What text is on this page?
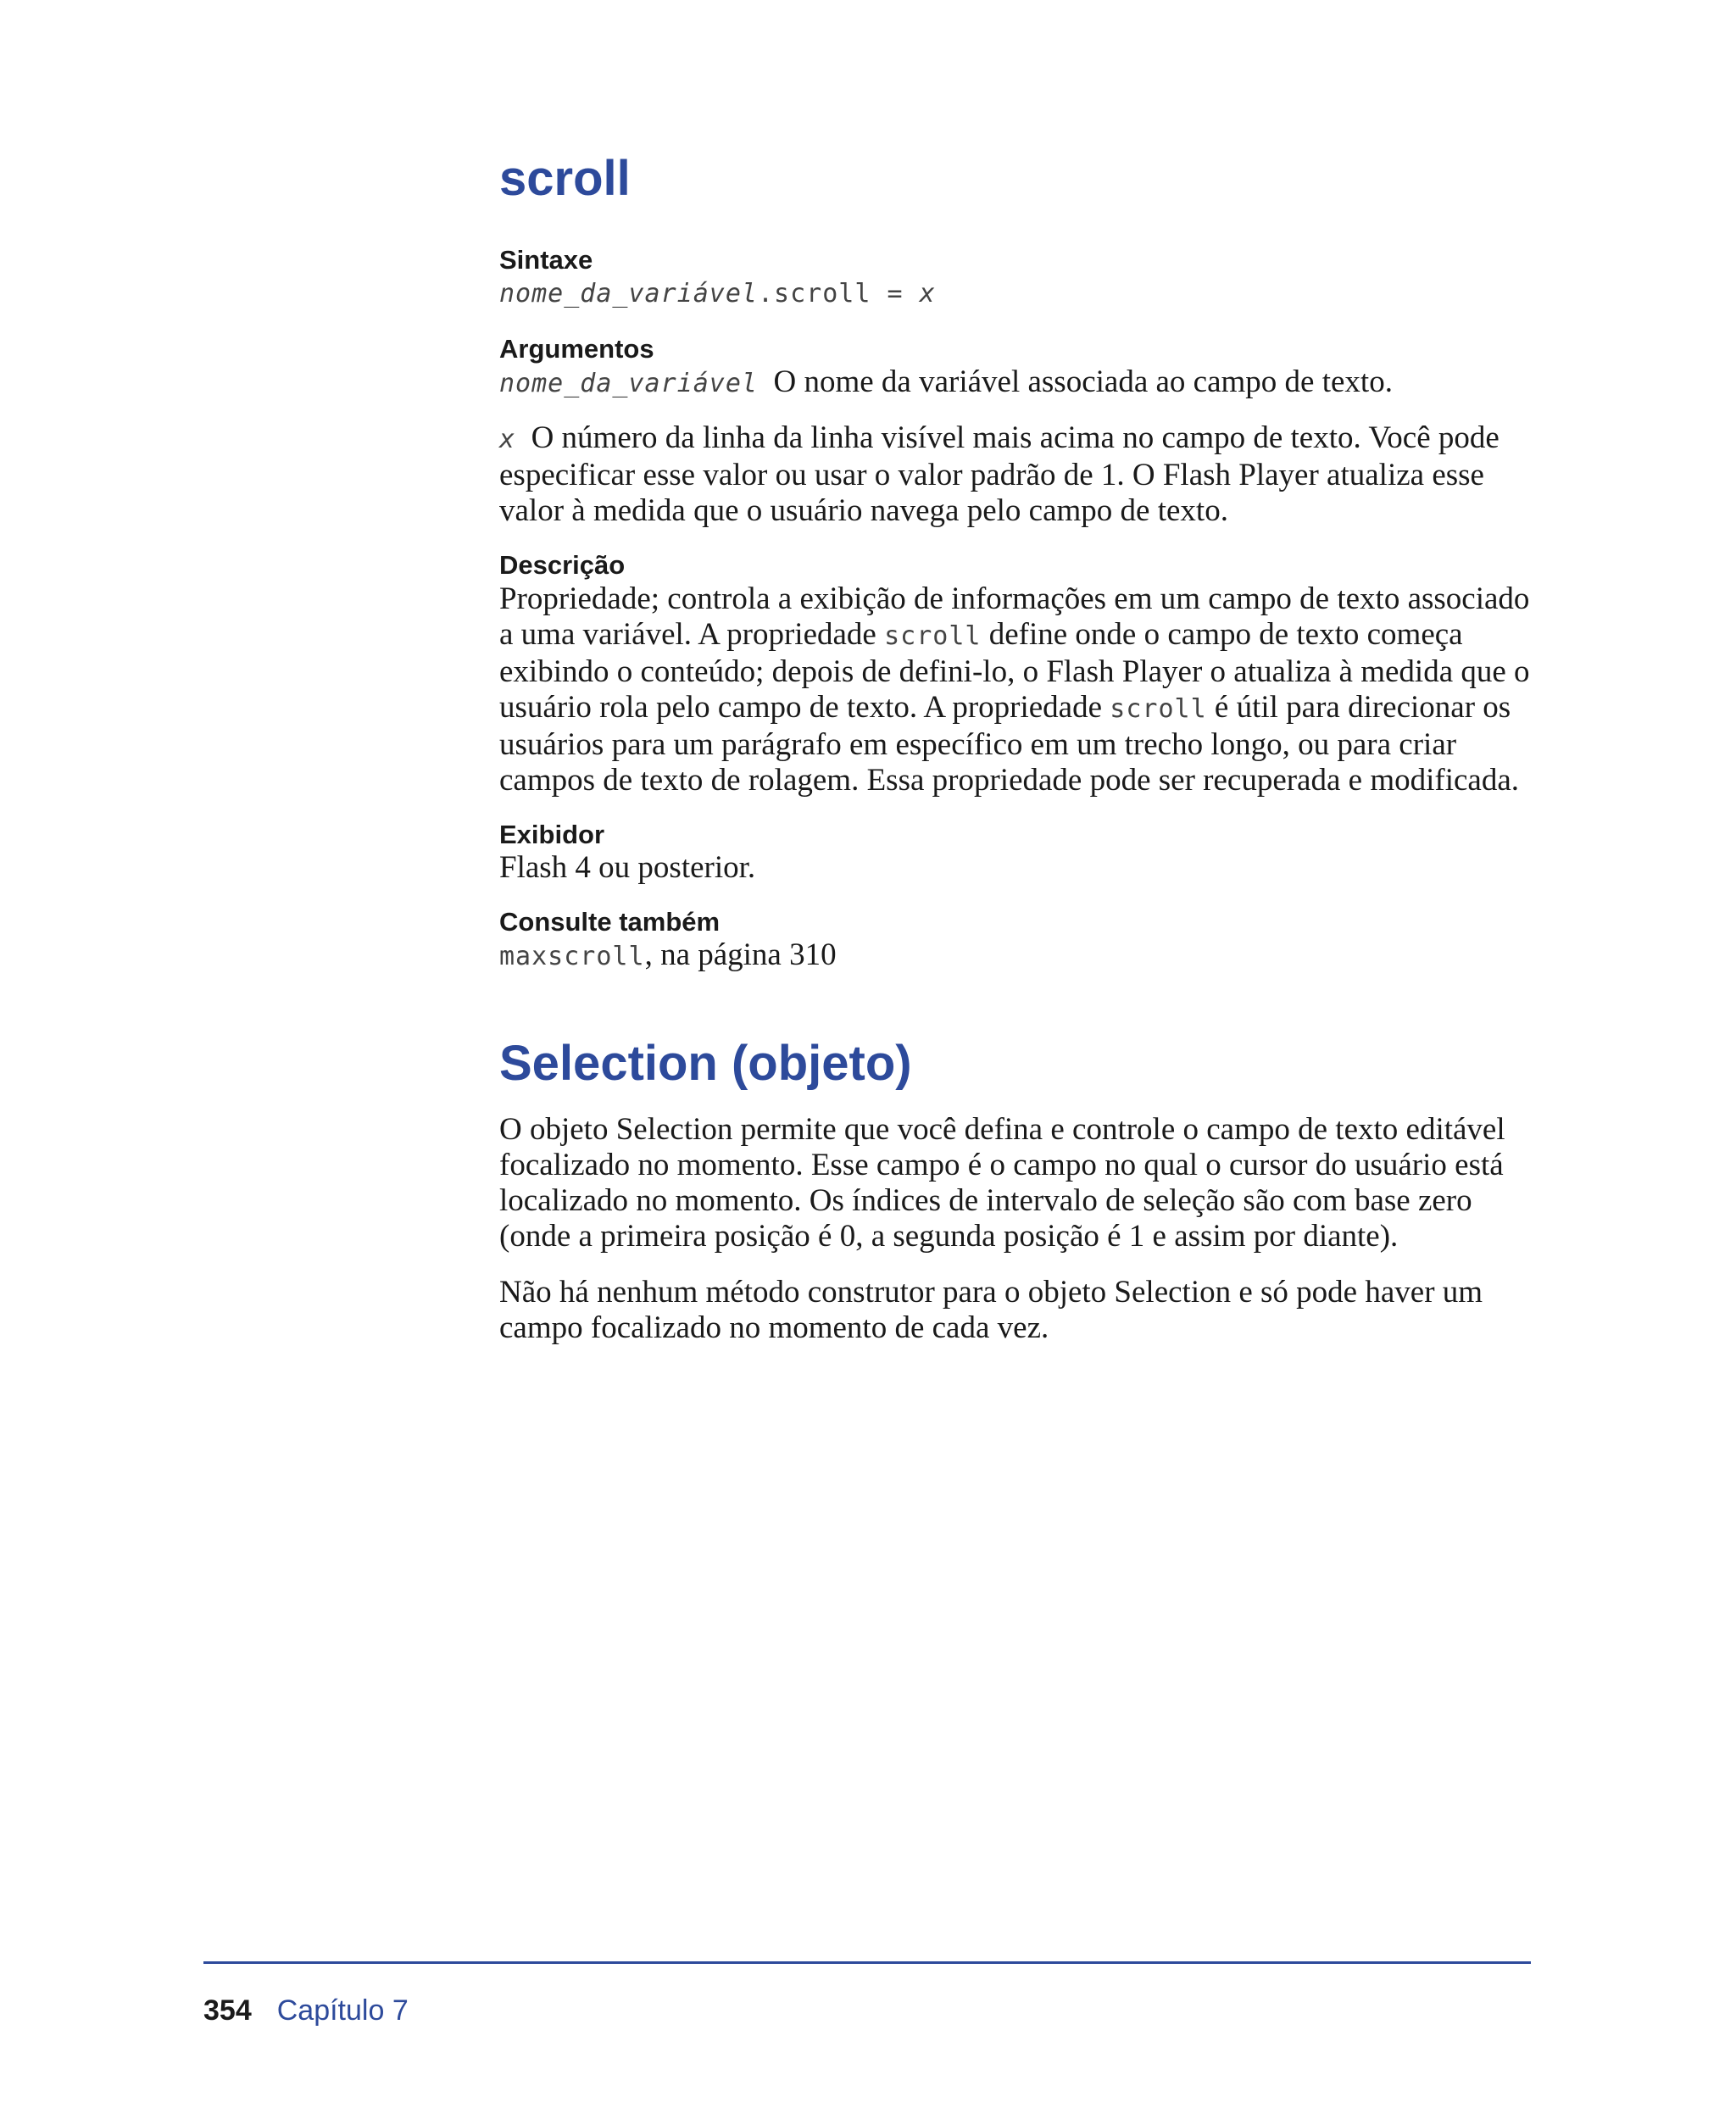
scroll
Sintaxe
nome_da_variável.scroll = x
Argumentos

nome_da_variável O nome da variável associada ao campo de texto.

x O número da linha da linha visível mais acima no campo de texto. Você pode especificar esse valor ou usar o valor padrão de 1. O Flash Player atualiza esse valor à medida que o usuário navega pelo campo de texto.

Descrição

Propriedade; controla a exibição de informações em um campo de texto associado a uma variável. A propriedade scroll define onde o campo de texto começa exibindo o conteúdo; depois de defini-lo, o Flash Player o atualiza à medida que o usuário rola pelo campo de texto. A propriedade scroll é útil para direcionar os usuários para um parágrafo em específico em um trecho longo, ou para criar campos de texto de rolagem. Essa propriedade pode ser recuperada e modificada.

Exibidor

Flash 4 ou posterior.

Consulte também

maxscroll, na página 310

Selection (objeto)

O objeto Selection permite que você defina e controle o campo de texto editável focalizado no momento. Esse campo é o campo no qual o cursor do usuário está localizado no momento. Os índices de intervalo de seleção são com base zero (onde a primeira posição é 0, a segunda posição é 1 e assim por diante).

Não há nenhum método construtor para o objeto Selection e só pode haver um campo focalizado no momento de cada vez.

354 Capítulo 7
